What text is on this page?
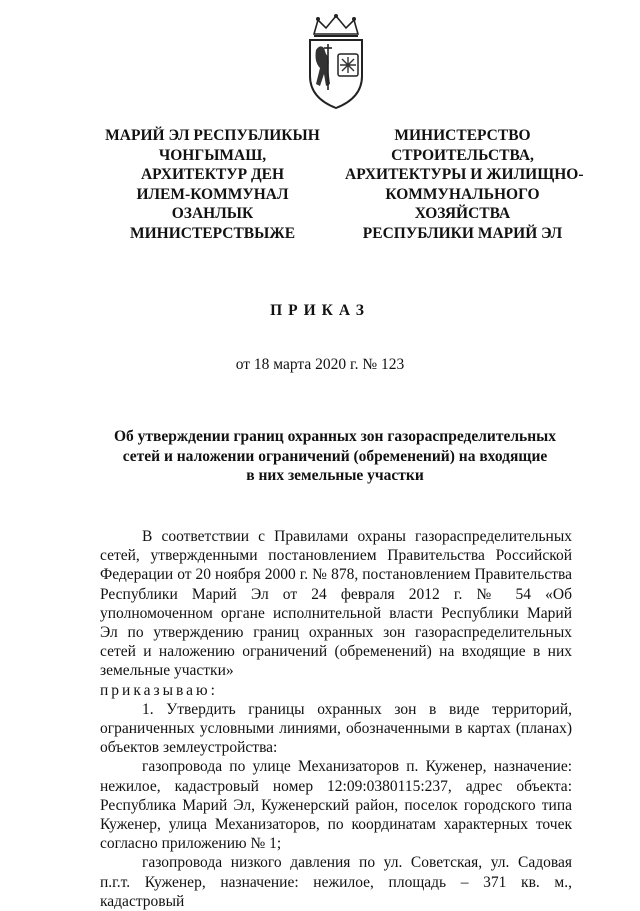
МАРИЙ ЭЛ РЕСПУБЛИКЫН
ЧОНГЫМАШ,
АРХИТЕКТУР ДЕН
ИЛЕМ-КОММУНАЛ
ОЗАНЛЫК
МИНИСТЕРСТВЫЖЕ
МИНИСТЕРСТВО
СТРОИТЕЛЬСТВА,
АРХИТЕКТУРЫ И ЖИЛИЩНО-
КОММУНАЛЬНОГО
ХОЗЯЙСТВА
РЕСПУБЛИКИ МАРИЙ ЭЛ
ПРИКАЗ
от 18 марта 2020 г. № 123
Об утверждении границ охранных зон газораспределительных
сетей и наложении ограничений (обременений) на входящие
в них земельные участки

В соответствии с Правилами охраны газораспределительных сетей, утвержденными постановлением Правительства Российской Федерации от 20 ноября 2000 г. № 878, постановлением Правительства Республики Марий Эл от 24 февраля 2012 г. № 54 «Об уполномоченном органе исполнительной власти Республики Марий Эл по утверждению границ охранных зон газораспределительных сетей и наложению ограничений (обременений) на входящие в них земельные участки»

приказываю:

1. Утвердить границы охранных зон в виде территорий, ограниченных условными линиями, обозначенными в картах (планах) объектов землеустройства:

газопровода по улице Механизаторов п. Куженер, назначение: нежилое, кадастровый номер 12:09:0380115:237, адрес объекта: Республика Марий Эл, Куженерский район, поселок городского типа Куженер, улица Механизаторов, по координатам характерных точек согласно приложению № 1;

газопровода низкого давления по ул. Советская, ул. Садовая п.г.т. Куженер, назначение: нежилое, площадь – 371 кв. м., кадастровый
